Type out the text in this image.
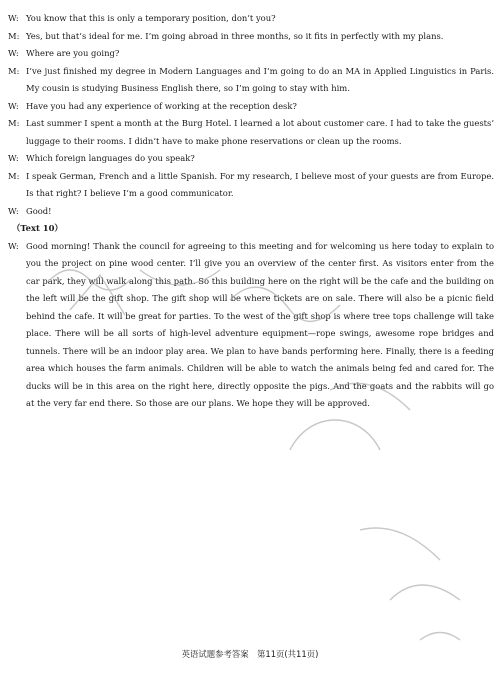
W: You know that this is only a temporary position, don’t you?
M: Yes, but that’s ideal for me. I’m going abroad in three months, so it fits in perfectly with my plans.
W: Where are you going?
M: I’ve just finished my degree in Modern Languages and I’m going to do an MA in Applied Linguistics in Paris. My cousin is studying Business English there, so I’m going to stay with him.
W: Have you had any experience of working at the reception desk?
M: Last summer I spent a month at the Burg Hotel. I learned a lot about customer care. I had to take the guests’ luggage to their rooms. I didn’t have to make phone reservations or clean up the rooms.
W: Which foreign languages do you speak?
M: I speak German, French and a little Spanish. For my research, I believe most of your guests are from Europe. Is that right? I believe I’m a good communicator.
W: Good!
（Text 10）
W: Good morning! Thank the council for agreeing to this meeting and for welcoming us here today to explain to you the project on pine wood center. I’ll give you an overview of the center first. As visitors enter from the car park, they will walk along this path. So this building here on the right will be the cafe and the building on the left will be the gift shop. The gift shop will be where tickets are on sale. There will also be a picnic field behind the cafe. It will be great for parties. To the west of the gift shop is where tree tops challenge will take place. There will be all sorts of high-level adventure equipment—rope swings, awesome rope bridges and tunnels. There will be an indoor play area. We plan to have bands performing here. Finally, there is a feeding area which houses the farm animals. Children will be able to watch the animals being fed and cared for. The ducks will be in this area on the right here, directly opposite the pigs. And the goats and the rabbits will go at the very far end there. So those are our plans. We hope they will be approved.
英语试题参考答案　第11页(共11页)
